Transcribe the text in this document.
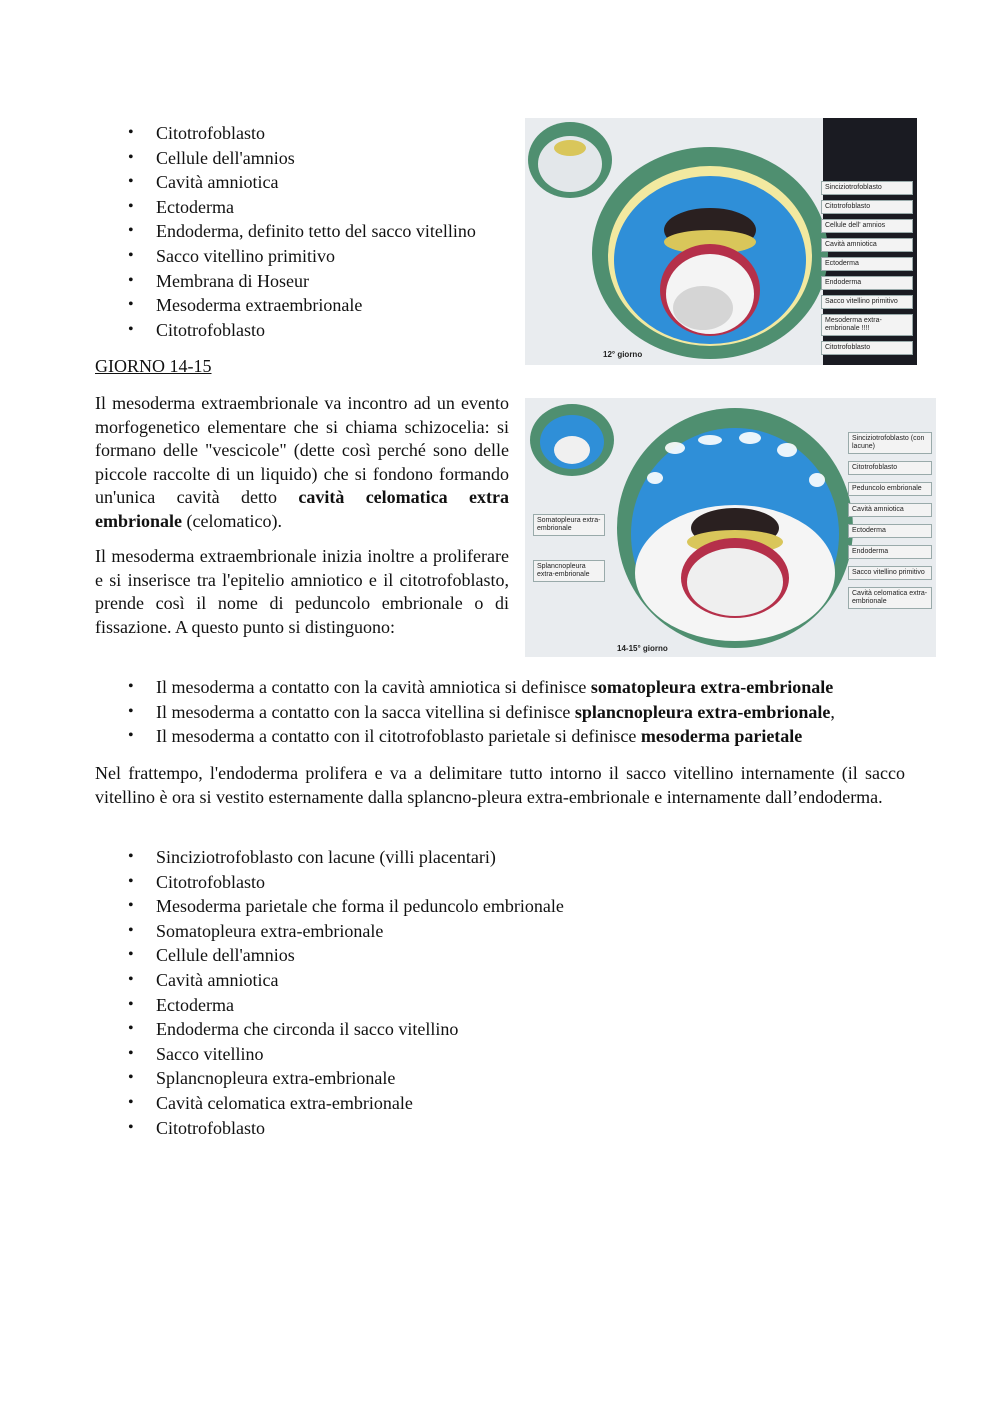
• Citotrofoblasto
• Cellule dell'amnios
• Cavità amniotica
• Ectoderma
• Endoderma, definito tetto del sacco vitellino
• Sacco vitellino primitivo
• Membrana di Hoseur
• Mesoderma extraembrionale
• Citotrofoblasto
GIORNO 14-15

Il mesoderma extraembrionale va incontro ad un evento morfogenetico elementare che si chiama schizocelia: si formano delle "vescicole" (dette così perché sono delle piccole raccolte di un liquido) che si fondono formando un'unica cavità detto cavità celomatica extra embrionale (celomatico).

Il mesoderma extraembrionale inizia inoltre a proliferare e si inserisce tra l'epitelio amniotico e il citotrofoblasto, prende così il nome di peduncolo embrionale o di fissazione. A questo punto si distinguono:

• Il mesoderma a contatto con la cavità amniotica si definisce somatopleura extra-embrionale
• Il mesoderma a contatto con la sacca vitellina si definisce splancnopleura extra-embrionale,
• Il mesoderma a contatto con il citotrofoblasto parietale si definisce mesoderma parietale

Nel frattempo, l'endoderma prolifera e va a delimitare tutto intorno il sacco vitellino internamente (il sacco vitellino è ora si vestito esternamente dalla splancno-pleura extra-embrionale e internamente dall’endoderma.

• Sinciziotrofoblasto con lacune (villi placentari)
• Citotrofoblasto
• Mesoderma parietale che forma il peduncolo embrionale
• Somatopleura extra-embrionale
• Cellule dell'amnios
• Cavità amniotica
• Ectoderma
• Endoderma che circonda il sacco vitellino
• Sacco vitellino
• Splancnopleura extra-embrionale
• Cavità celomatica extra-embrionale
• Citotrofoblasto
Sinciziotrofoblasto
Citotrofoblasto
Cellule dell' amnios
Cavità amniotica
Ectoderma
Endoderma
Sacco vitellino primitivo
Mesoderma extra-embrionale !!!!
Citotrofoblasto
12° giorno
Sinciziotrofoblasto (con lacune)
Citotrofoblasto
Peduncolo embrionale
Cavità amniotica
Ectoderma
Endoderma
Sacco vitellino primitivo
Cavità celomatica extra-embrionale
Somatopleura extra-embrionale
Splancnopleura extra-embrionale
14-15° giorno
